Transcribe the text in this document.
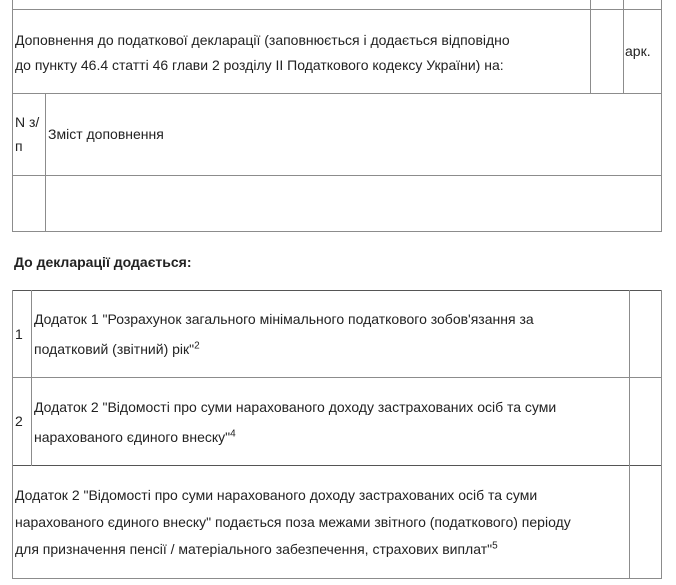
Доповнення до податкової декларації (заповнюється і додається відповідно
до пункту 46.4 статті 46 глави 2 розділу ІІ Податкового кодексу України) на:
арк.
N з/
п
Зміст доповнення
До декларації додається:
1
Додаток 1 "Розрахунок загального мінімального податкового зобов'язання за
податковий (звітний) рік"$^2$
2
Додаток 2 "Відомості про суми нарахованого доходу застрахованих осіб та суми
нарахованого єдиного внеску"$^4$
Додаток 2 "Відомості про суми нарахованого доходу застрахованих осіб та суми
нарахованого єдиного внеску" подається поза межами звітного (податкового) періоду
для призначення пенсії / матеріального забезпечення, страхових виплат"$^5$
